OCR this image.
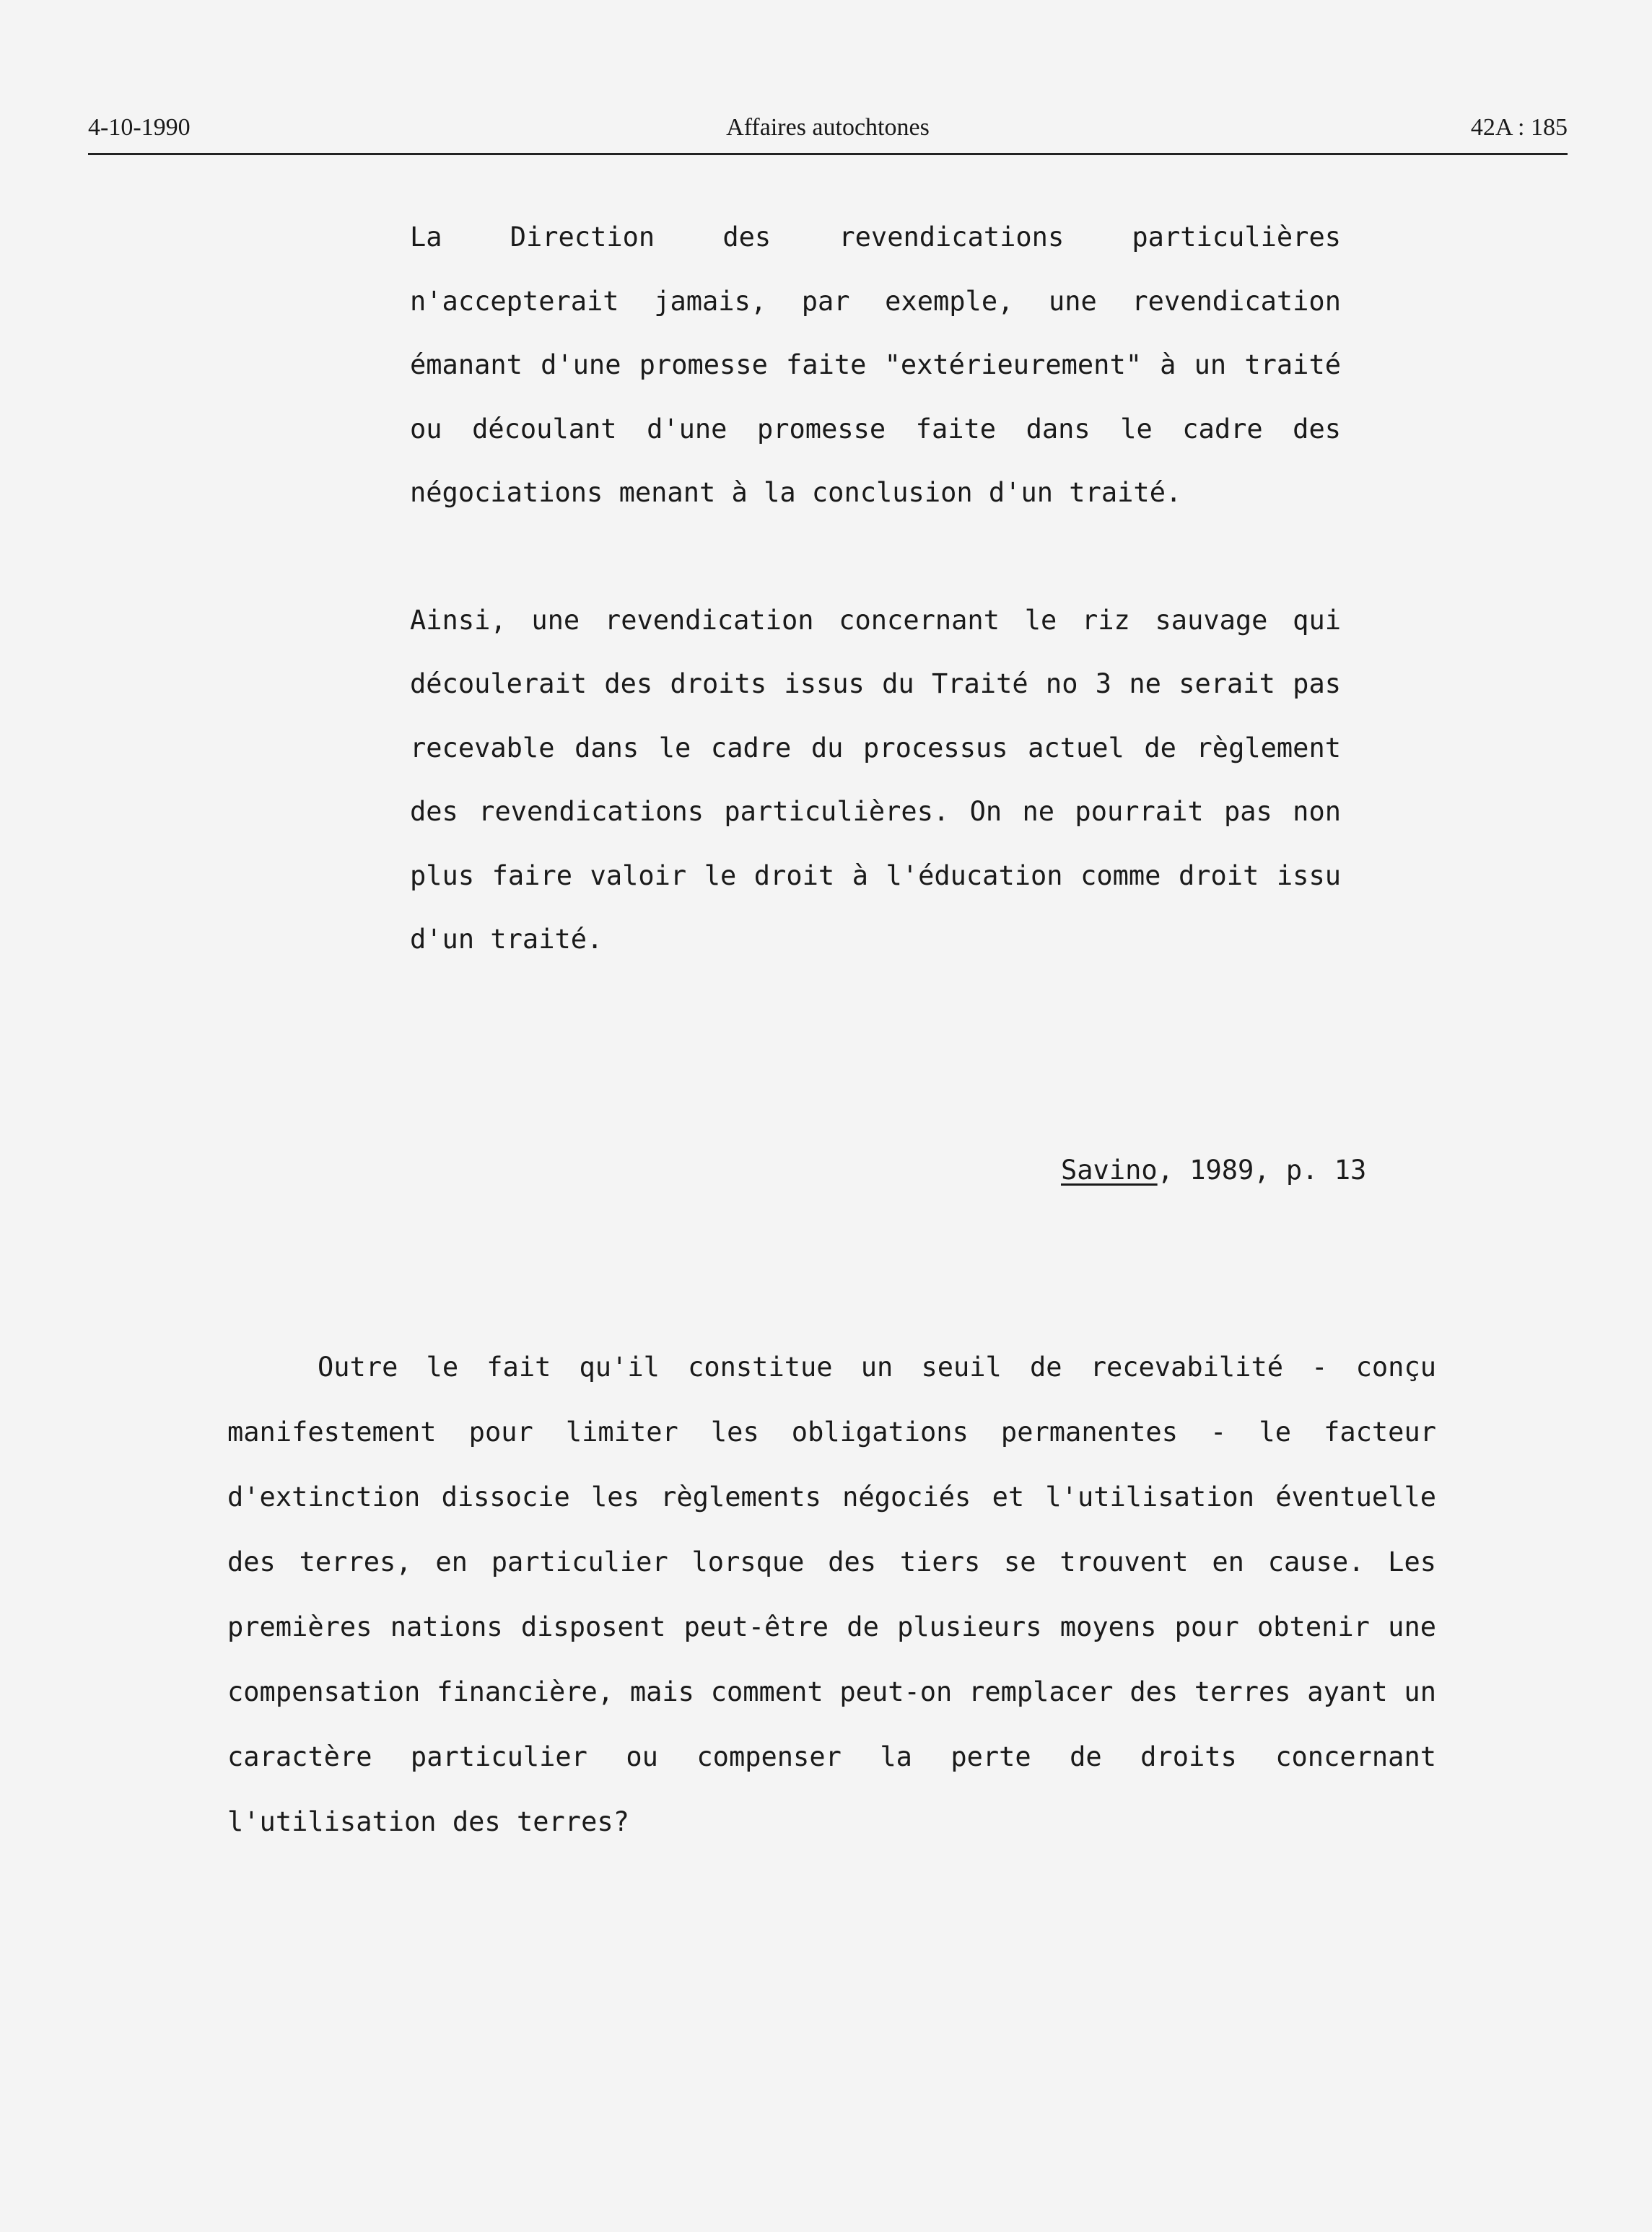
4-10-1990	Affaires autochtones	42A : 185

La Direction des revendications particulières n'accepterait jamais, par exemple, une revendication émanant d'une promesse faite "extérieurement" à un traité ou découlant d'une promesse faite dans le cadre des négociations menant à la conclusion d'un traité.

Ainsi, une revendication concernant le riz sauvage qui découlerait des droits issus du Traité no 3 ne serait pas recevable dans le cadre du processus actuel de règlement des revendications particulières. On ne pourrait pas non plus faire valoir le droit à l'éducation comme droit issu d'un traité.

Savino, 1989, p. 13

Outre le fait qu'il constitue un seuil de recevabilité - conçu manifestement pour limiter les obligations permanentes - le facteur d'extinction dissocie les règlements négociés et l'utilisation éventuelle des terres, en particulier lorsque des tiers se trouvent en cause. Les premières nations disposent peut-être de plusieurs moyens pour obtenir une compensation financière, mais comment peut-on remplacer des terres ayant un caractère particulier ou compenser la perte de droits concernant l'utilisation des terres?
